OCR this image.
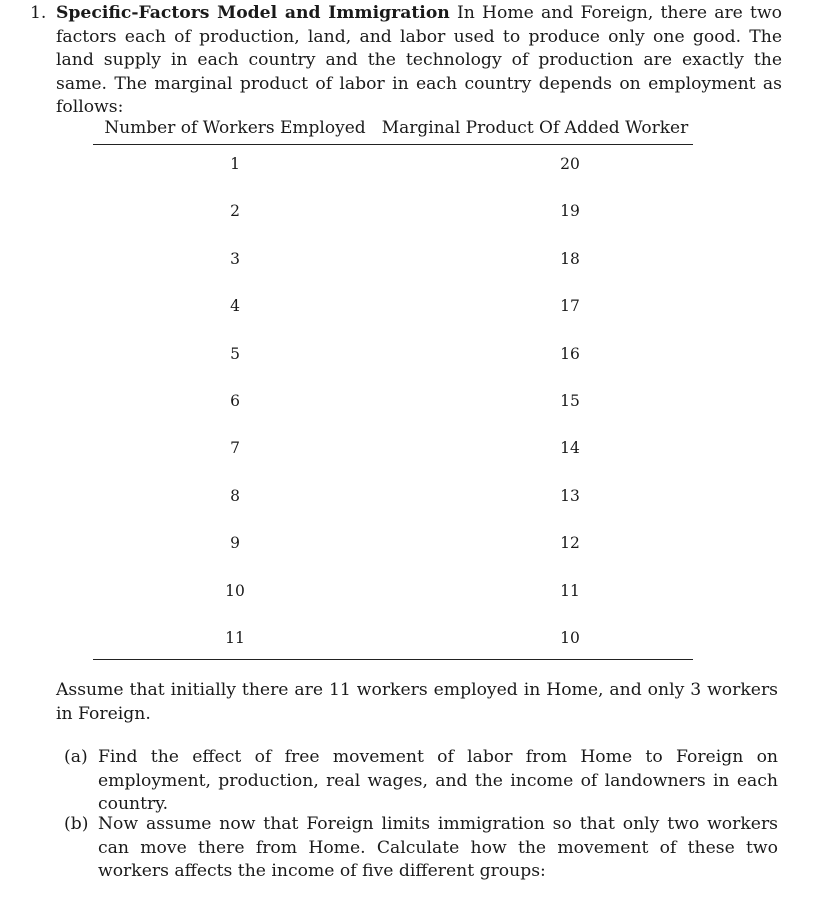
1. Specific-Factors Model and Immigration In Home and Foreign, there are two factors each of production, land, and labor used to produce only one good. The land supply in each country and the technology of production are exactly the same. The marginal product of labor in each country depends on employment as follows:
Number of Workers Employed	Marginal Product Of Added Worker
1	20
2	19
3	18
4	17
5	16
6	15
7	14
8	13
9	12
10	11
11	10
Assume that initially there are 11 workers employed in Home, and only 3 workers in Foreign.
(a) Find the effect of free movement of labor from Home to Foreign on employment, production, real wages, and the income of landowners in each country.
(b) Now assume now that Foreign limits immigration so that only two workers can move there from Home. Calculate how the movement of these two workers affects the income of five different groups:
